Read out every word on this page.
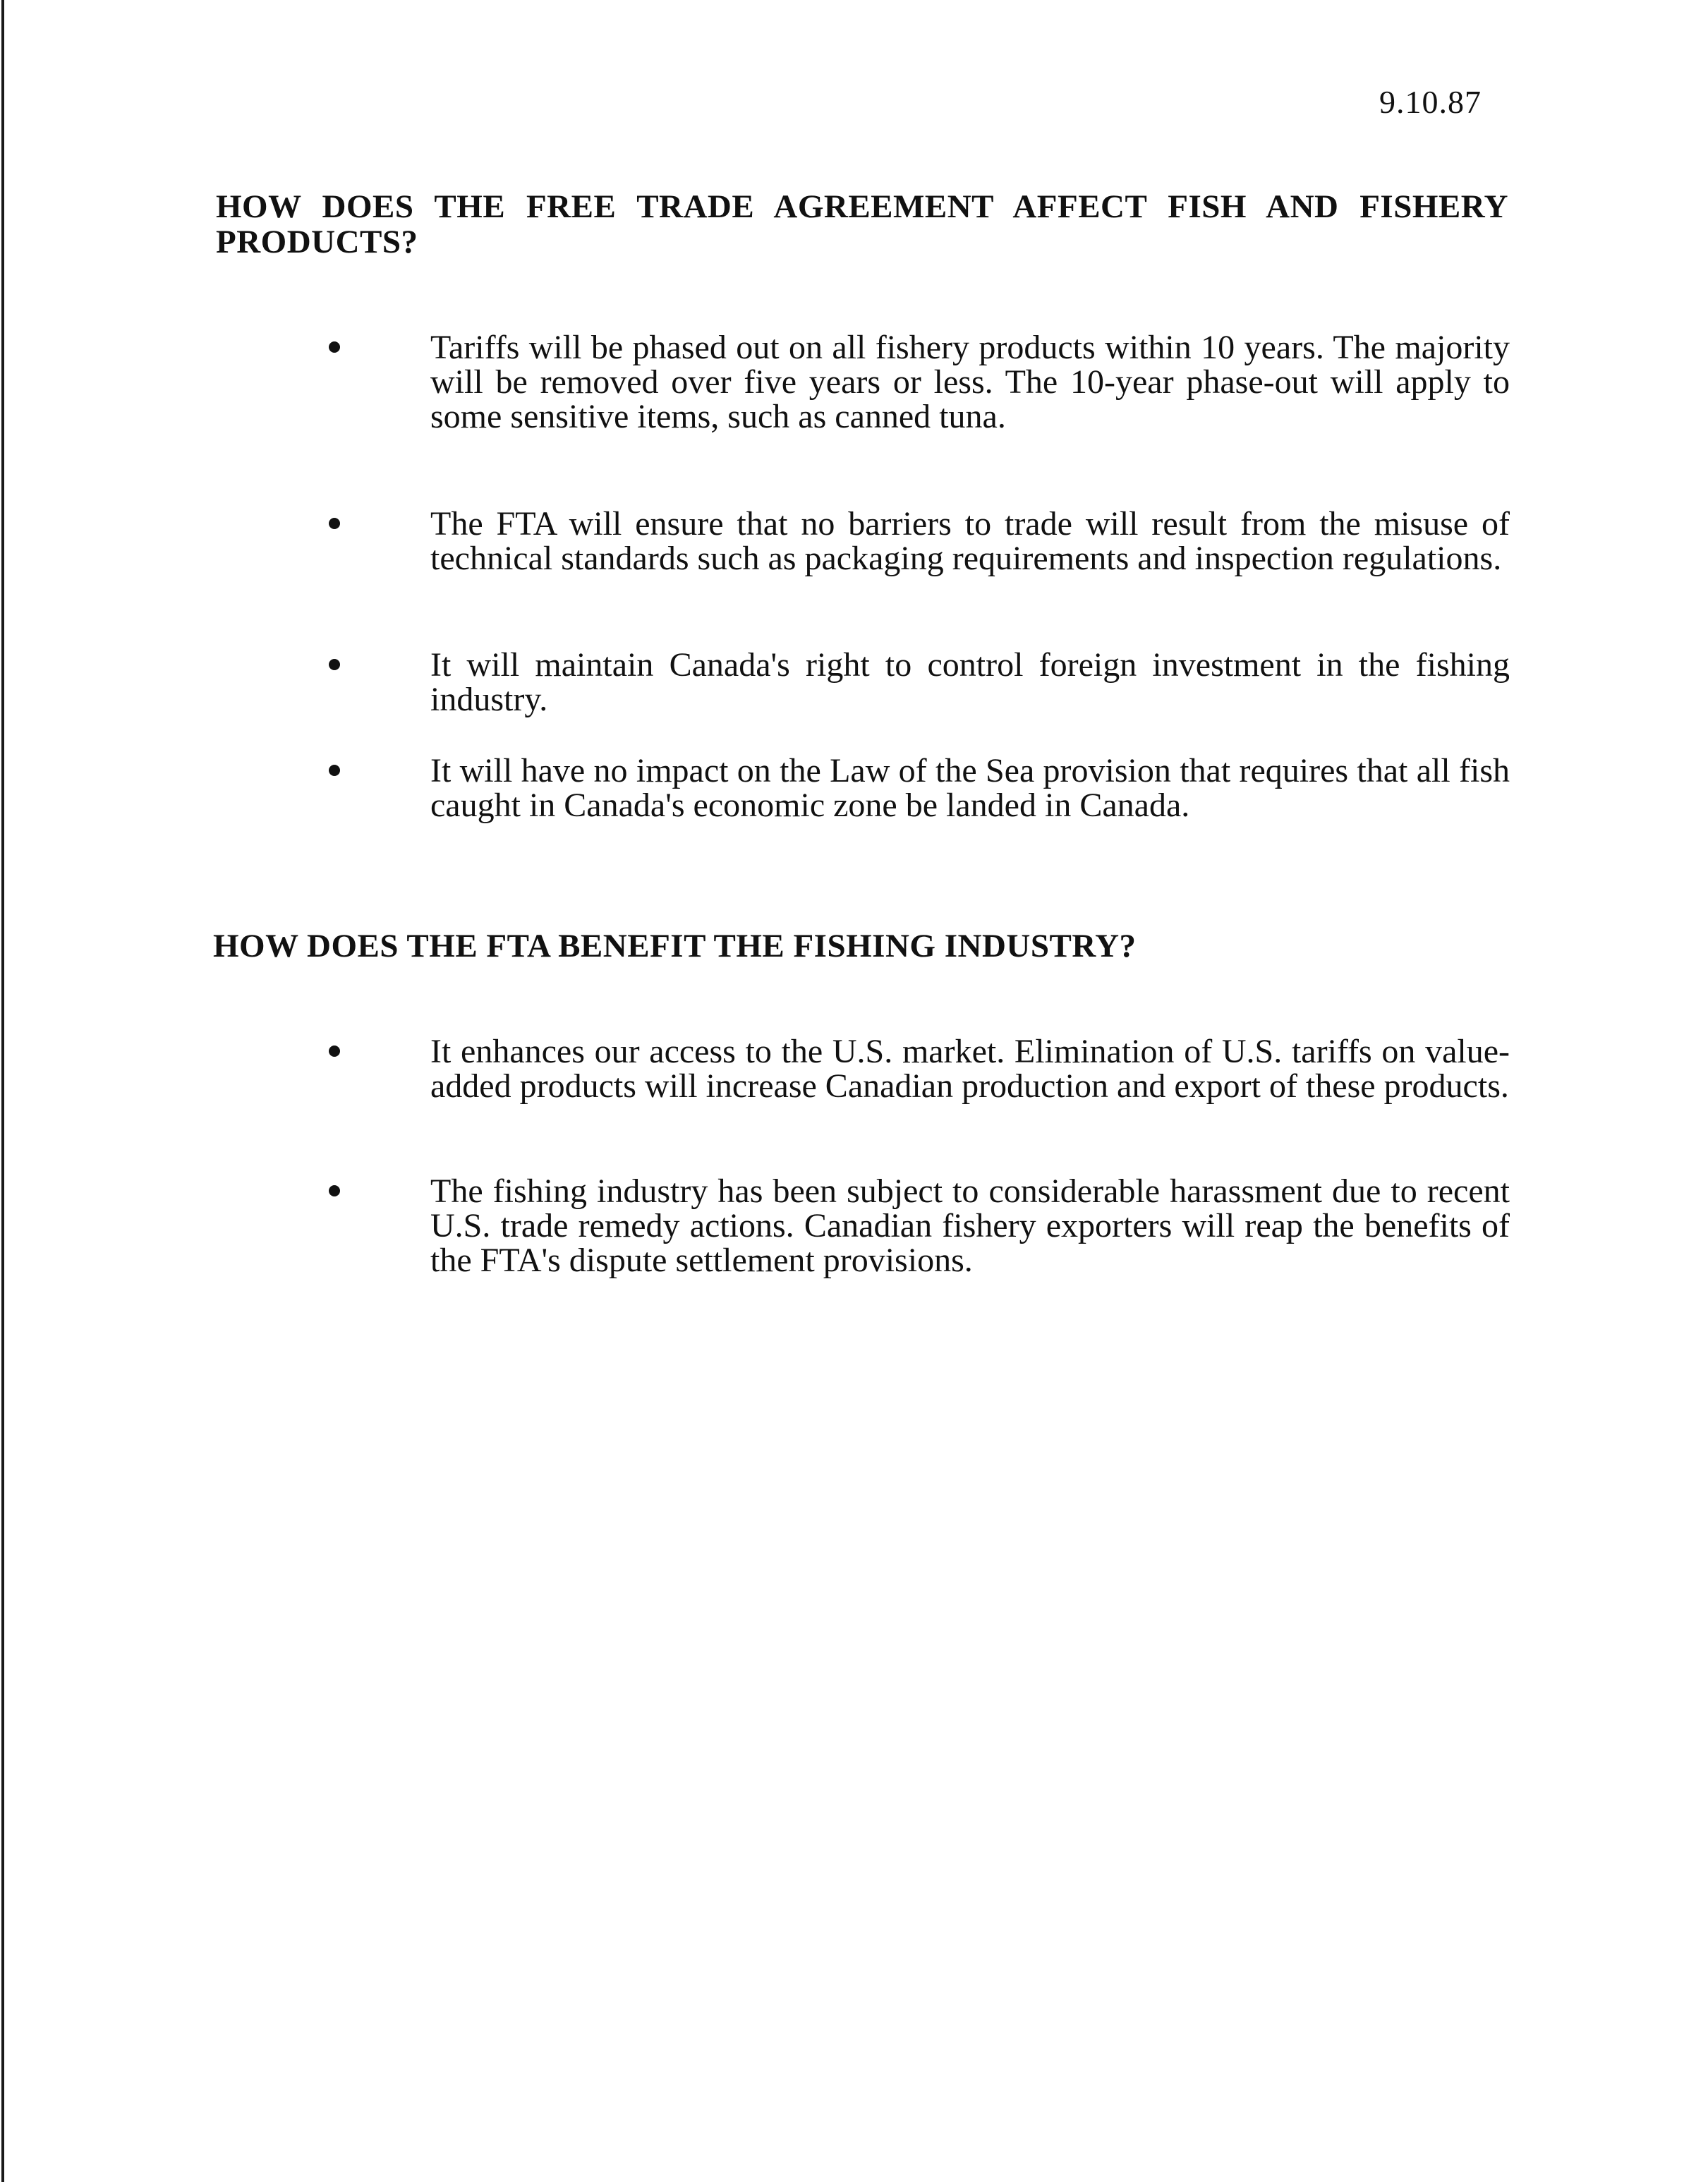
9.10.87
HOW DOES THE FREE TRADE AGREEMENT AFFECT FISH AND FISHERY PRODUCTS?
Tariffs will be phased out on all fishery products within 10 years. The majority will be removed over five years or less. The 10-year phase-out will apply to some sensitive items, such as canned tuna.
The FTA will ensure that no barriers to trade will result from the misuse of technical standards such as packaging requirements and inspection regulations.
It will maintain Canada's right to control foreign investment in the fishing industry.
It will have no impact on the Law of the Sea provision that requires that all fish caught in Canada's economic zone be landed in Canada.
HOW DOES THE FTA BENEFIT THE FISHING INDUSTRY?
It enhances our access to the U.S. market. Elimination of U.S. tariffs on value-added products will increase Canadian production and export of these products.
The fishing industry has been subject to considerable harassment due to recent U.S. trade remedy actions. Canadian fishery exporters will reap the benefits of the FTA's dispute settlement provisions.
